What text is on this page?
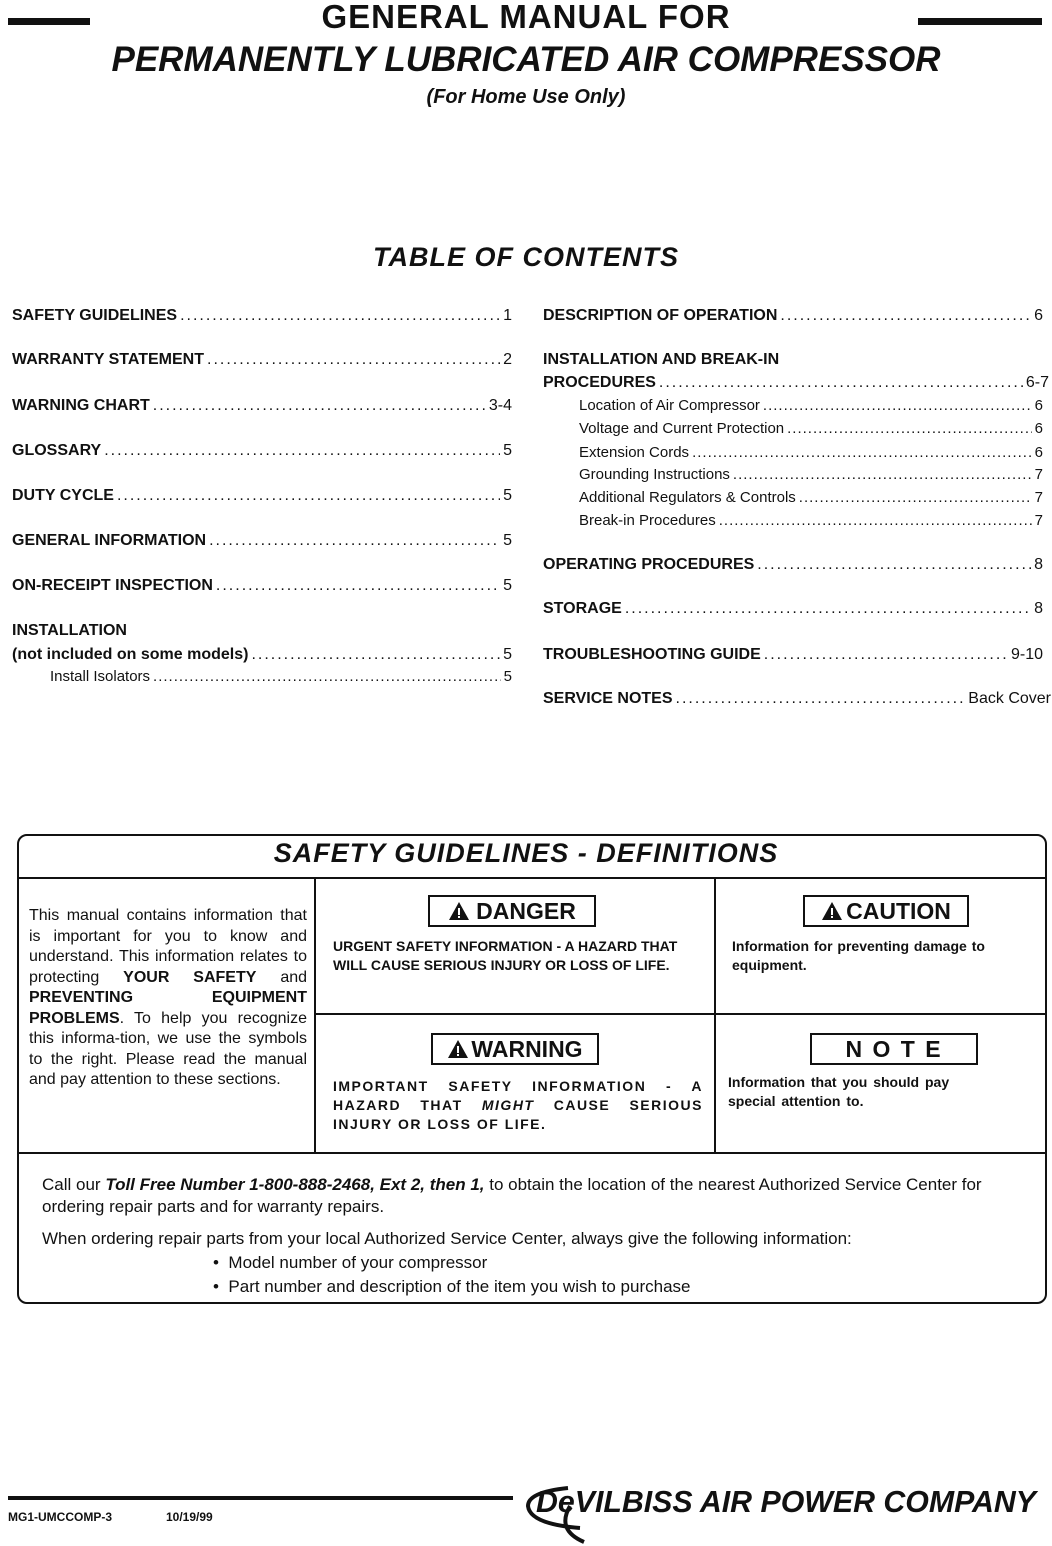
GENERAL MANUAL FOR
PERMANENTLY LUBRICATED AIR COMPRESSOR
(For Home Use Only)
TABLE OF CONTENTS
SAFETY GUIDELINES .....	1
WARRANTY STATEMENT .....	2
WARNING CHART .....	3-4
GLOSSARY .....	5
DUTY CYCLE .....	5
GENERAL INFORMATION .....	5
ON-RECEIPT INSPECTION .....	5
INSTALLATION
(not included on some models) .....	5
Install Isolators .....	5
DESCRIPTION OF OPERATION .....	6
INSTALLATION AND BREAK-IN
PROCEDURES .....	6-7
Location of Air Compressor .....	6
Voltage and Current Protection .....	6
Extension Cords .....	6
Grounding Instructions .....	7
Additional Regulators & Controls .....	7
Break-in Procedures .....	7
OPERATING PROCEDURES .....	8
STORAGE .....	8
TROUBLESHOOTING GUIDE .....	9-10
SERVICE NOTES .....	Back Cover
SAFETY GUIDELINES - DEFINITIONS
This manual contains information that is important for you to know and understand. This information relates to protecting YOUR SAFETY and PREVENTING EQUIPMENT PROBLEMS. To help you recognize this informa-tion, we use the symbols to the right. Please read the manual and pay attention to these sections.
DANGER
URGENT SAFETY INFORMATION - A HAZARD THAT WILL CAUSE SERIOUS INJURY OR LOSS OF LIFE.
CAUTION
Information for preventing damage to equipment.
WARNING
IMPORTANT SAFETY INFORMATION - A HAZARD THAT MIGHT CAUSE SERIOUS INJURY OR LOSS OF LIFE.
N O T E
Information that you should pay special attention to.
Call our Toll Free Number 1-800-888-2468, Ext 2, then 1, to obtain the location of the nearest Authorized Service Center for ordering repair parts and for warranty repairs.
When ordering repair parts from your local Authorized Service Center, always give the following information:
•  Model number of your compressor
•  Part number and description of the item you wish to purchase
MG1-UMCCOMP-3	10/19/99	DeVILBISS AIR POWER COMPANY
